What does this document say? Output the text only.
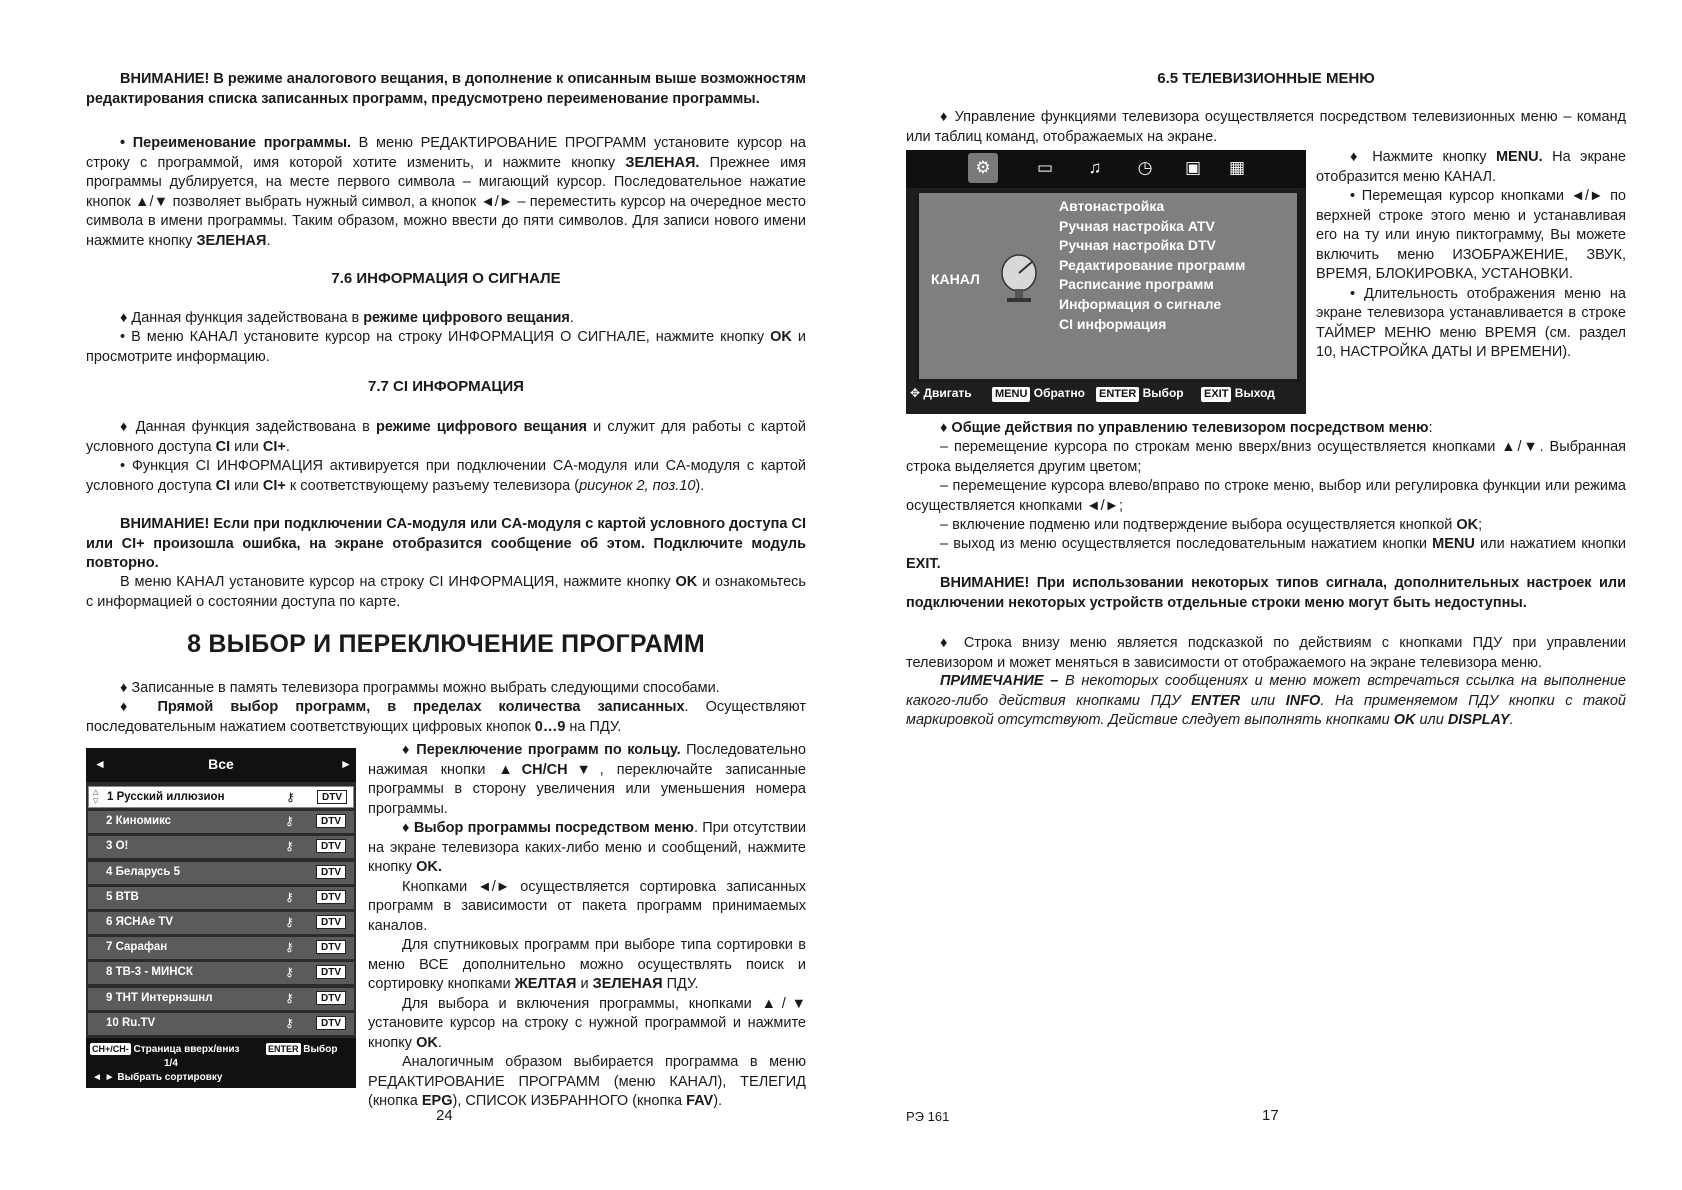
ВНИМАНИЕ! В режиме аналогового вещания, в дополнение к описанным выше возможностям редактирования списка записанных программ, предусмотрено переименование программы.

• Переименование программы. В меню РЕДАКТИРОВАНИЕ ПРОГРАММ установите курсор на строку с программой, имя которой хотите изменить, и нажмите кнопку ЗЕЛЕНАЯ. Прежнее имя программы дублируется, на месте первого символа – мигающий курсор. Последовательное нажатие кнопок ▲/▼ позволяет выбрать нужный символ, а кнопок ◄/► – переместить курсор на очередное место символа в имени программы. Таким образом, можно ввести до пяти символов. Для записи нового имени нажмите кнопку ЗЕЛЕНАЯ.

7.6 ИНФОРМАЦИЯ О СИГНАЛЕ

♦ Данная функция задействована в режиме цифрового вещания.

• В меню КАНАЛ установите курсор на строку ИНФОРМАЦИЯ О СИГНАЛЕ, нажмите кнопку OK и просмотрите информацию.

7.7 CI ИНФОРМАЦИЯ

♦ Данная функция задействована в режиме цифрового вещания и служит для работы с картой условного доступа CI или CI+.

• Функция CI ИНФОРМАЦИЯ активируется при подключении CA-модуля или CA-модуля с картой условного доступа CI или CI+ к соответствующему разъему телевизора (рисунок 2, поз.10).

ВНИМАНИЕ! Если при подключении CA-модуля или CA-модуля с картой условного доступа CI или CI+ произошла ошибка, на экране отобразится сообщение об этом. Подключите модуль повторно.

В меню КАНАЛ установите курсор на строку CI ИНФОРМАЦИЯ, нажмите кнопку OK и ознакомьтесь с информацией о состоянии доступа по карте.

8 ВЫБОР И ПЕРЕКЛЮЧЕНИЕ ПРОГРАММ

♦ Записанные в память телевизора программы можно выбрать следующими способами.

♦ Прямой выбор программ, в пределах количества записанных. Осуществляют последовательным нажатием соответствующих цифровых кнопок 0…9 на ПДУ.

◄	Все	►
△
▽ 1 Русский иллюзион	⚷	DTV
2 Киномикс	⚷	DTV
3 О!	⚷	DTV
4 Беларусь 5	DTV
5 ВТВ	⚷	DTV
6 ЯСНАе TV	⚷	DTV
7 Сарафан	⚷	DTV
8 ТВ-3 - МИНСК	⚷	DTV
9 ТНТ Интернэшнл	⚷	DTV
10 Ru.TV	⚷	DTV
CH+/CH- Страница вверх/вниз	ENTER Выбор
1/4
◄ ► Выбрать сортировку

♦ Переключение программ по кольцу. Последовательно нажимая кнопки ▲CH/CH▼, переключайте записанные программы в сторону увеличения или уменьшения номера программы.

♦ Выбор программы посредством меню. При отсутствии на экране телевизора каких-либо меню и сообщений, нажмите кнопку OK.

Кнопками ◄/► осуществляется сортировка записанных программ в зависимости от пакета программ принимаемых каналов.

Для спутниковых программ при выборе типа сортировки в меню ВСЕ дополнительно можно осуществлять поиск и сортировку кнопками ЖЕЛТАЯ и ЗЕЛЕНАЯ ПДУ.

Для выбора и включения программы, кнопками ▲/▼ установите курсор на строку с нужной программой и нажмите кнопку OK.

Аналогичным образом выбирается программа в меню РЕДАКТИРОВАНИЕ ПРОГРАММ (меню КАНАЛ), ТЕЛЕГИД (кнопка EPG), СПИСОК ИЗБРАННОГО (кнопка FAV).

24

6.5 ТЕЛЕВИЗИОННЫЕ МЕНЮ

♦ Управление функциями телевизора осуществляется посредством телевизионных меню – команд или таблиц команд, отображаемых на экране.

⚙	▭ ♫ ◷ ▣ ▦
КАНАЛ
Автонастройка
Ручная настройка ATV
Ручная настройка DTV
Редактирование программ
Расписание программ
Информация о сигнале
CI информация
✥ Двигать MENU Обратно ENTER Выбор EXIT Выход

♦ Нажмите кнопку MENU. На экране отобразится меню КАНАЛ.

• Перемещая курсор кнопками ◄/► по верхней строке этого меню и устанавливая его на ту или иную пиктограмму, Вы можете включить меню ИЗОБРАЖЕНИЕ, ЗВУК, ВРЕМЯ, БЛОКИРОВКА, УСТАНОВКИ.

• Длительность отображения меню на экране телевизора устанавливается в строке ТАЙМЕР МЕНЮ меню ВРЕМЯ (см. раздел 10, НАСТРОЙКА ДАТЫ И ВРЕМЕНИ).

♦ Общие действия по управлению телевизором посредством меню:

– перемещение курсора по строкам меню вверх/вниз осуществляется кнопками ▲/▼. Выбранная строка выделяется другим цветом;

– перемещение курсора влево/вправо по строке меню, выбор или регулировка функции или режима осуществляется кнопками ◄/►;

– включение подменю или подтверждение выбора осуществляется кнопкой OK;

– выход из меню осуществляется последовательным нажатием кнопки MENU или нажатием кнопки EXIT.

ВНИМАНИЕ! При использовании некоторых типов сигнала, дополнительных настроек или подключении некоторых устройств отдельные строки меню могут быть недоступны.

♦ Строка внизу меню является подсказкой по действиям с кнопками ПДУ при управлении телевизором и может меняться в зависимости от отображаемого на экране телевизора меню.

ПРИМЕЧАНИЕ – В некоторых сообщениях и меню может встречаться ссылка на выполнение какого-либо действия кнопками ПДУ ENTER или INFO. На применяемом ПДУ кнопки с такой маркировкой отсутствуют. Действие следует выполнять кнопками OK или DISPLAY.

РЭ 161	17
